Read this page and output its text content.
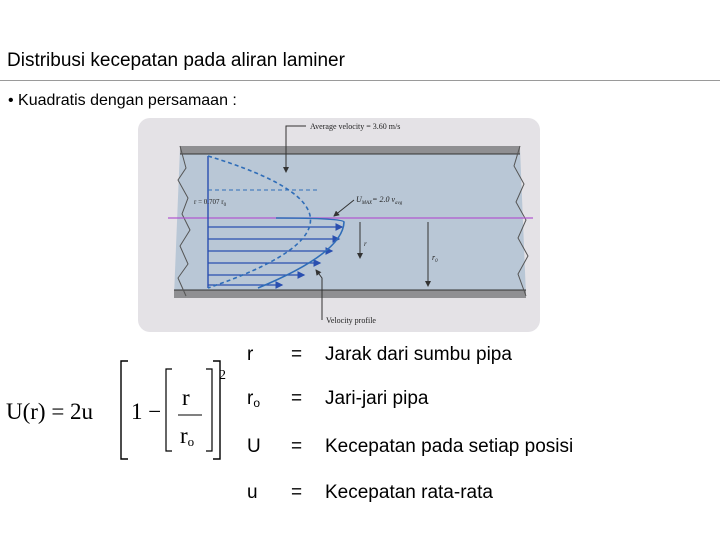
Distribusi kecepatan pada aliran laminer
• Kuadratis dengan persamaan :
Average velocity = 3.60 m/s
r = 0.707 $r_0$
$U_{MAX}= 2.0$ $v_{avg}$
$r_0$
r
Velocity profile
U(r) = 2u 1 −
r
ro
2
r	= Jarak dari sumbu pipa
$r_o$	= Jari-jari pipa
U	= Kecepatan pada setiap posisi
u	= Kecepatan rata-rata
